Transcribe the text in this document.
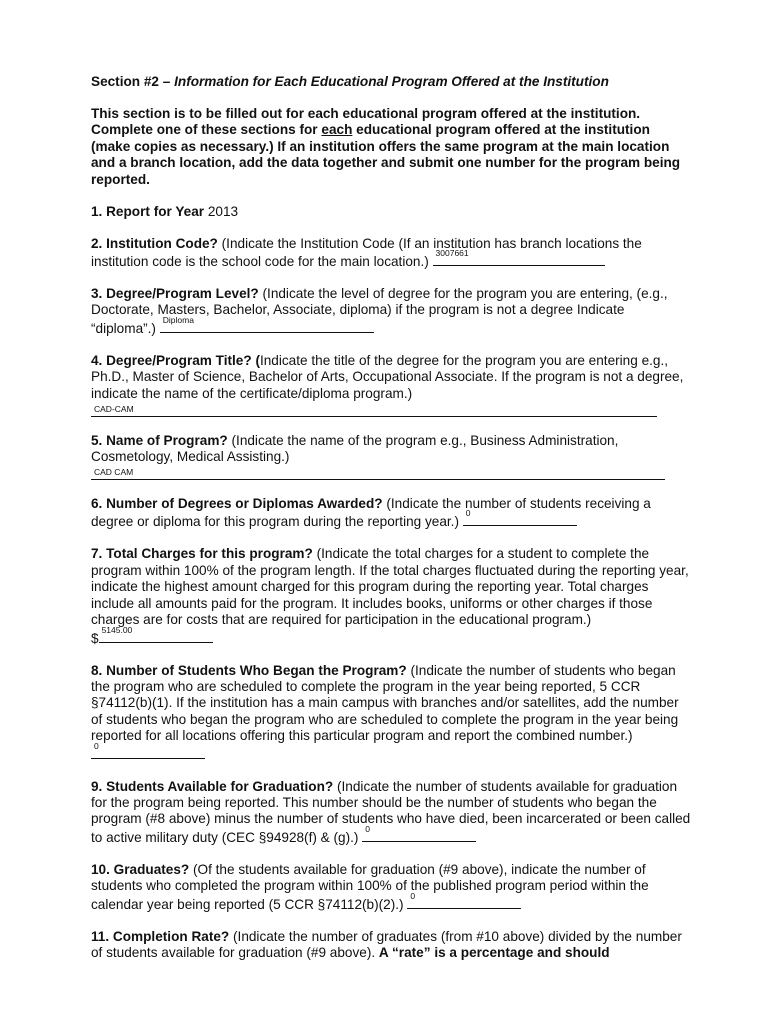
Section #2 – Information for Each Educational Program Offered at the Institution
This section is to be filled out for each educational program offered at the institution. Complete one of these sections for each educational program offered at the institution (make copies as necessary.) If an institution offers the same program at the main location and a branch location, add the data together and submit one number for the program being reported.
1. Report for Year 2013
2. Institution Code? (Indicate the Institution Code (If an institution has branch locations the institution code is the school code for the main location.)
3007661
3. Degree/Program Level? (Indicate the level of degree for the program you are entering, (e.g., Doctorate, Masters, Bachelor, Associate, diploma) if the program is not a degree Indicate “diploma”.)
Diploma
4. Degree/Program Title? (Indicate the title of the degree for the program you are entering e.g., Ph.D., Master of Science, Bachelor of Arts, Occupational Associate. If the program is not a degree, indicate the name of the certificate/diploma program.)
CAD-CAM
5. Name of Program? (Indicate the name of the program e.g., Business Administration, Cosmetology, Medical Assisting.)
CAD CAM
6. Number of Degrees or Diplomas Awarded? (Indicate the number of students receiving a degree or diploma for this program during the reporting year.)
0
7. Total Charges for this program? (Indicate the total charges for a student to complete the program within 100% of the program length. If the total charges fluctuated during the reporting year, indicate the highest amount charged for this program during the reporting year. Total charges include all amounts paid for the program. It includes books, uniforms or other charges if those charges are for costs that are required for participation in the educational program.)
$
5145.00
8. Number of Students Who Began the Program? (Indicate the number of students who began the program who are scheduled to complete the program in the year being reported, 5 CCR §74112(b)(1). If the institution has a main campus with branches and/or satellites, add the number of students who began the program who are scheduled to complete the program in the year being reported for all locations offering this particular program and report the combined number.)
0
9. Students Available for Graduation? (Indicate the number of students available for graduation for the program being reported. This number should be the number of students who began the program (#8 above) minus the number of students who have died, been incarcerated or been called to active military duty (CEC §94928(f) & (g).)
0
10. Graduates? (Of the students available for graduation (#9 above), indicate the number of students who completed the program within 100% of the published program period within the calendar year being reported (5 CCR §74112(b)(2).)
0
11. Completion Rate? (Indicate the number of graduates (from #10 above) divided by the number of students available for graduation (#9 above). A “rate” is a percentage and should
